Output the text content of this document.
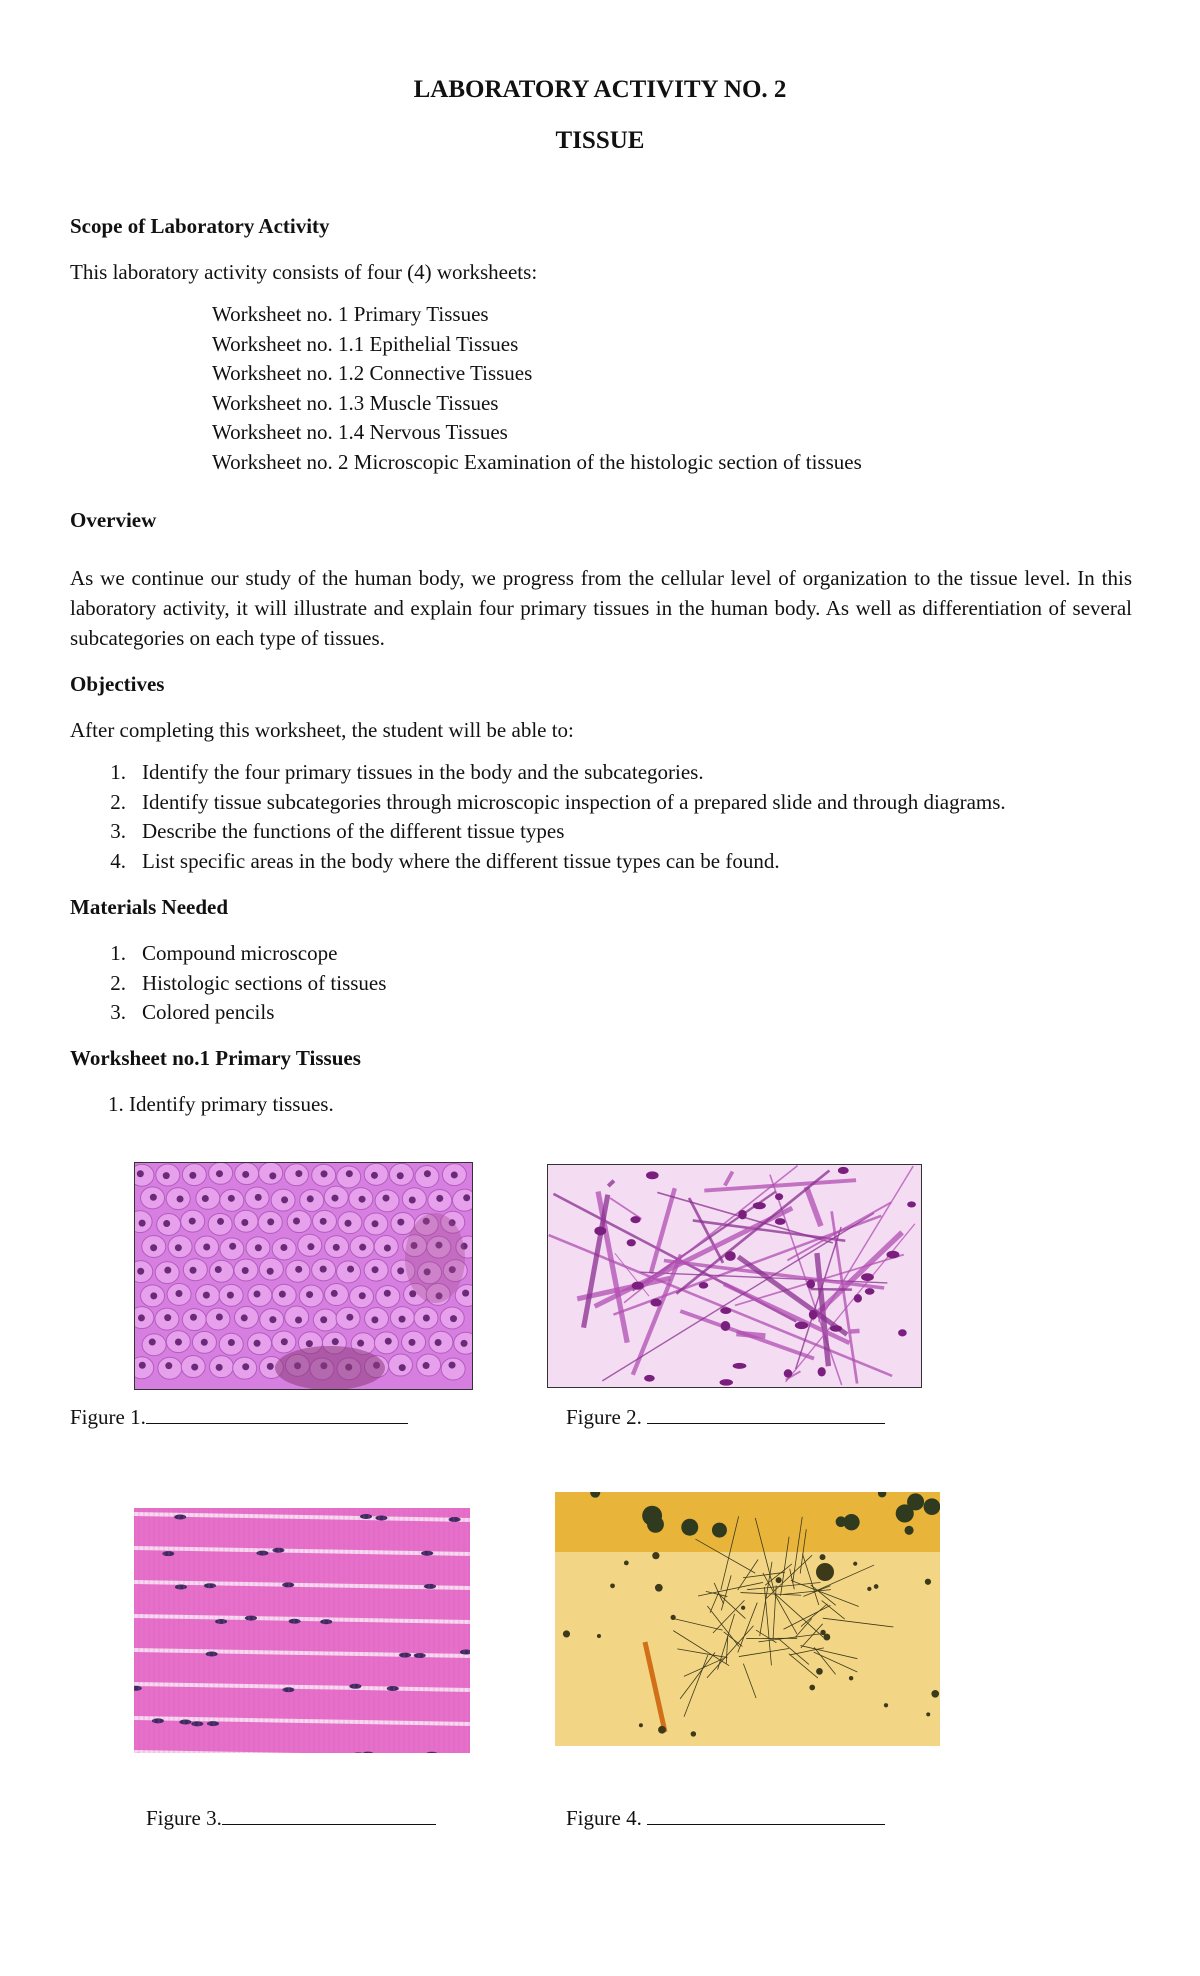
LABORATORY ACTIVITY NO. 2
TISSUE
Scope of Laboratory Activity
This laboratory activity consists of four (4) worksheets:
Worksheet no. 1 Primary Tissues
Worksheet no. 1.1 Epithelial Tissues
Worksheet no. 1.2 Connective Tissues
Worksheet no. 1.3 Muscle Tissues
Worksheet no. 1.4 Nervous Tissues
Worksheet no. 2 Microscopic Examination of the histologic section of tissues
Overview
As we continue our study of the human body, we progress from the cellular level of organization to the tissue level. In this laboratory activity, it will illustrate and explain four primary tissues in the human body. As well as differentiation of several subcategories on each type of tissues.
Objectives
After completing this worksheet, the student will be able to:
1. Identify the four primary tissues in the body and the subcategories.
2. Identify tissue subcategories through microscopic inspection of a prepared slide and through diagrams.
3. Describe the functions of the different tissue types
4. List specific areas in the body where the different tissue types can be found.
Materials Needed
1. Compound microscope
2. Histologic sections of tissues
3. Colored pencils
Worksheet no.1 Primary Tissues
1. Identify primary tissues.
Figure 1.	Figure 2.
Figure 3.	Figure 4.
